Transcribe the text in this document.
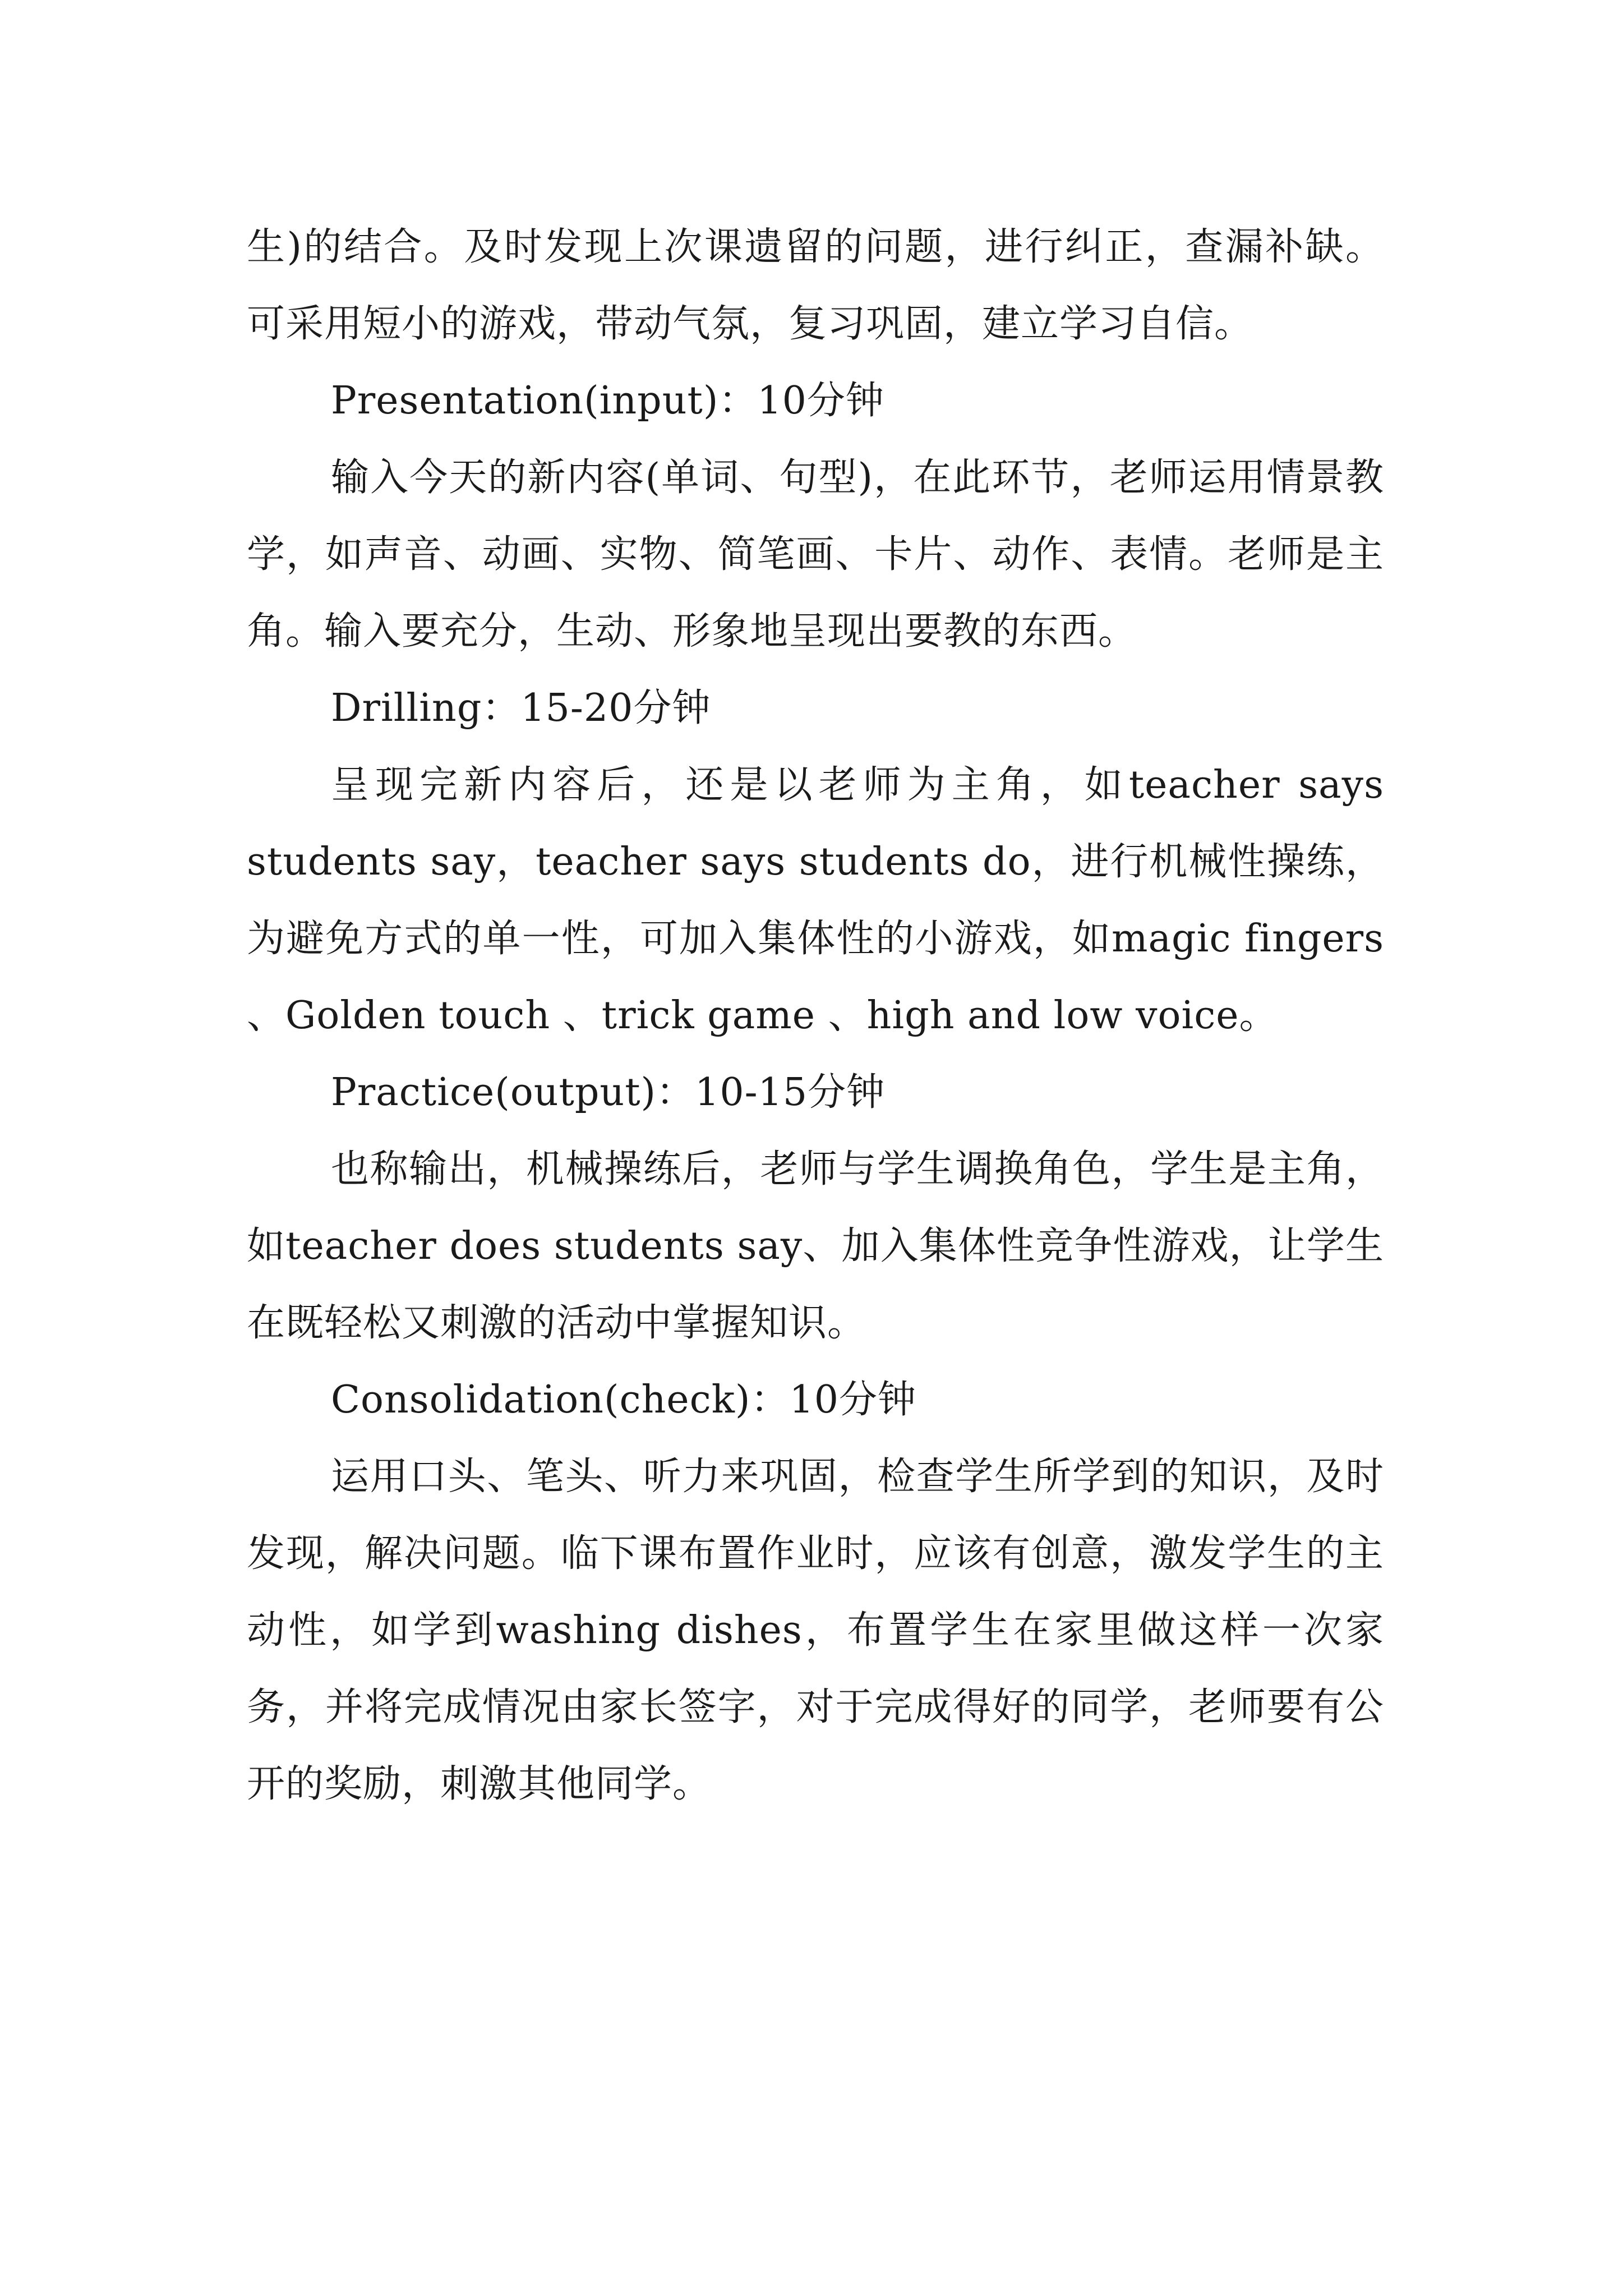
生)的结合。及时发现上次课遗留的问题，进行纠正，查漏补缺。可采用短小的游戏，带动气氛，复习巩固，建立学习自信。

Presentation(input)：10分钟

输入今天的新内容(单词、句型)，在此环节，老师运用情景教学，如声音、动画、实物、简笔画、卡片、动作、表情。老师是主角。输入要充分，生动、形象地呈现出要教的东西。

Drilling：15-20分钟

呈现完新内容后，还是以老师为主角，如teacher says students say，teacher says students do，进行机械性操练，为避免方式的单一性，可加入集体性的小游戏，如magic fingers 、Golden touch 、trick game 、high and low voice。

Practice(output)：10-15分钟

也称输出，机械操练后，老师与学生调换角色，学生是主角，如teacher does students say、加入集体性竞争性游戏，让学生在既轻松又刺激的活动中掌握知识。

Consolidation(check)：10分钟

运用口头、笔头、听力来巩固，检查学生所学到的知识，及时发现，解决问题。临下课布置作业时，应该有创意，激发学生的主动性，如学到washing dishes，布置学生在家里做这样一次家务，并将完成情况由家长签字，对于完成得好的同学，老师要有公开的奖励，刺激其他同学。
